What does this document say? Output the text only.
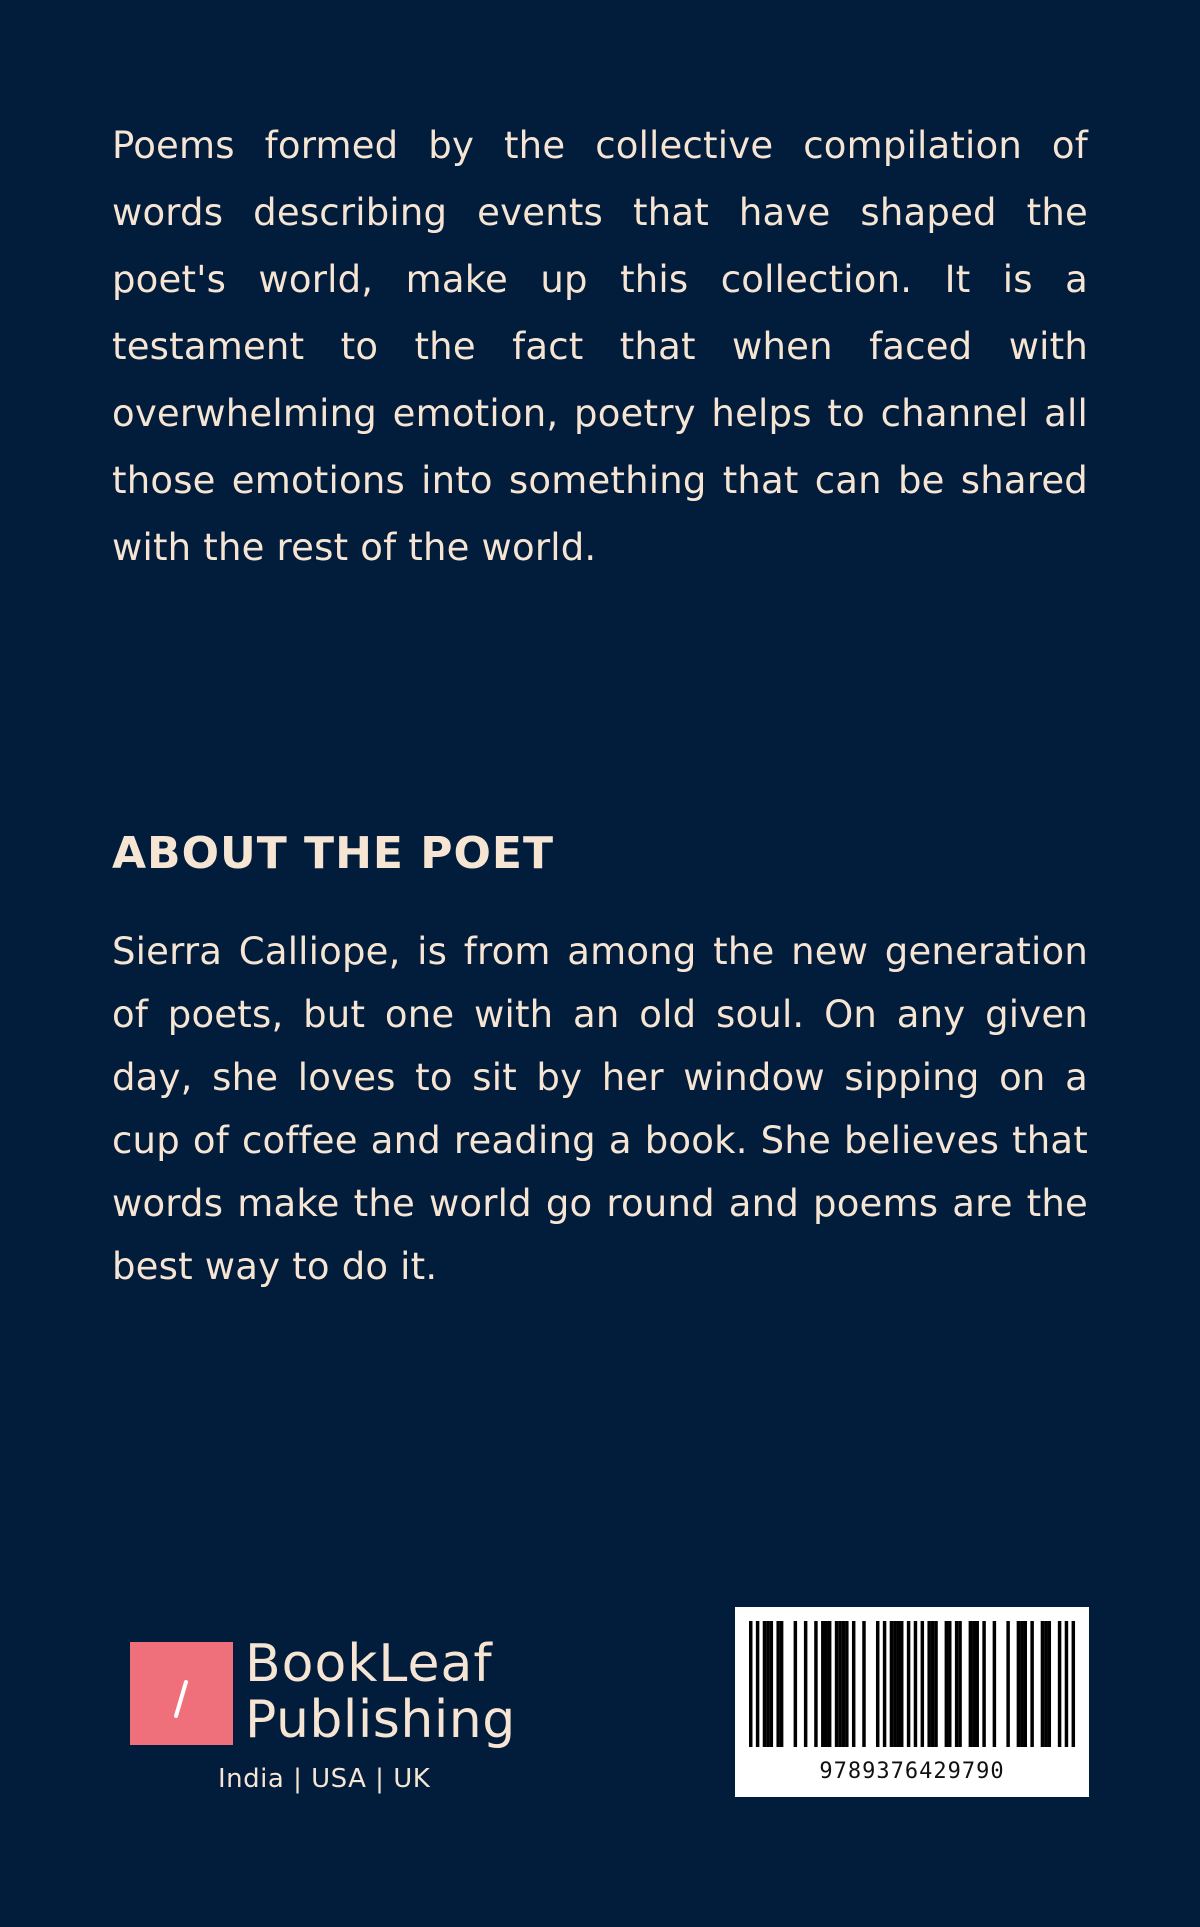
Poems formed by the collective compilation of words describing events that have shaped the poet's world, make up this collection. It is a testament to the fact that when faced with overwhelming emotion, poetry helps to channel all those emotions into something that can be shared with the rest of the world.

ABOUT THE POET

Sierra Calliope, is from among the new generation of poets, but one with an old soul. On any given day, she loves to sit by her window sipping on a cup of coffee and reading a book. She believes that words make the world go round and poems are the best way to do it.

BookLeaf
Publishing
India | USA | UK	9789376429790
